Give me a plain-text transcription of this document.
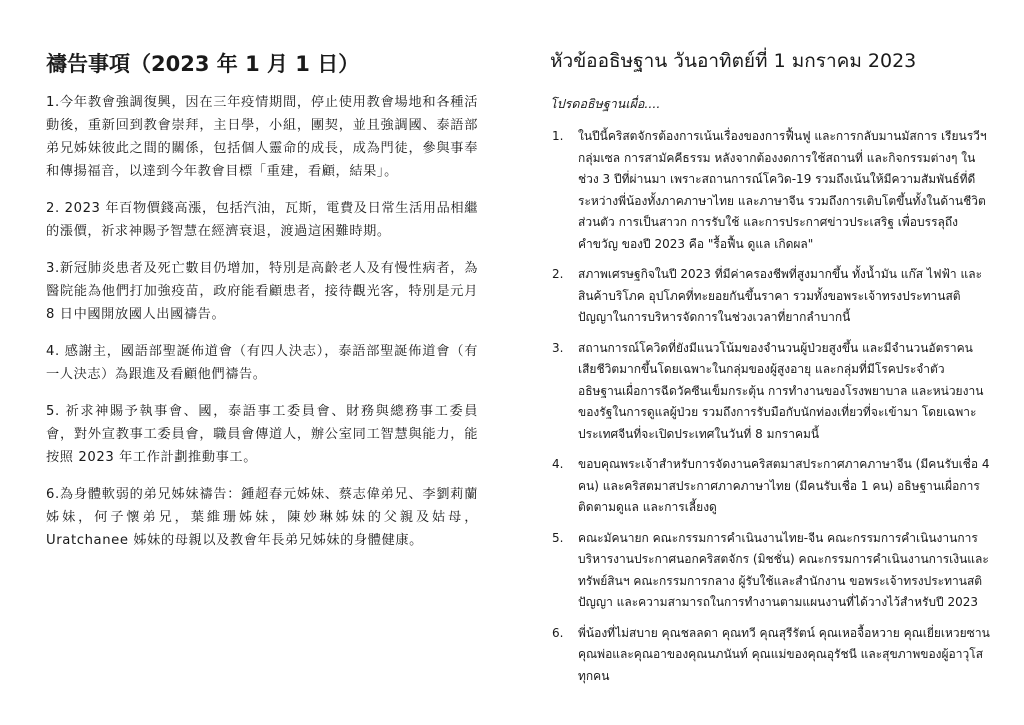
禱告事項（2023 年 1 月 1 日）

1.今年教會強調復興，因在三年疫情期間，停止使用教會場地和各種活動後，重新回到教會崇拜，主日學，小組，團契，並且強調國、泰語部弟兄姊妹彼此之間的關係，包括個人靈命的成長，成為門徒，參與事奉和傳揚福音，以達到今年教會目標「重建，看顧，結果」。

2. 2023 年百物價錢高漲，包括汽油，瓦斯，電費及日常生活用品相繼的漲價，祈求神賜予智慧在經濟衰退，渡過這困難時期。

3.新冠肺炎患者及死亡數目仍增加，特別是高齡老人及有慢性病者，為醫院能為他們打加強疫苗，政府能看顧患者，接待觀光客，特別是元月 8 日中國開放國人出國禱告。

4. 感謝主，國語部聖誕佈道會（有四人決志），泰語部聖誕佈道會（有一人決志）為跟進及看顧他們禱告。

5. 祈求神賜予執事會、國，泰語事工委員會、財務與總務事工委員會，對外宣教事工委員會，職員會傳道人，辦公室同工智慧與能力，能按照 2023 年工作計劃推動事工。

6.為身體軟弱的弟兄姊妹禱告：鍾超春元姊妹、蔡志偉弟兄、李劉莉蘭姊妹，何子懷弟兄，葉維珊姊妹，陳妙琳姊妹的父親及姑母，Uratchanee 姊妹的母親以及教會年長弟兄姊妹的身體健康。

หัวข้ออธิษฐาน วันอาทิตย์ที่ 1 มกราคม 2023
โปรดอธิษฐานเผื่อ....
1. ในปีนี้คริสตจักรต้องการเน้นเรื่องของการฟื้นฟู และการกลับมานมัสการ เรียนรวีฯ กลุ่มเซล การสามัคคีธรรม หลังจากต้องงดการใช้สถานที่ และกิจกรรมต่างๆ ในช่วง 3 ปีที่ผ่านมา เพราะสถานการณ์โควิด-19 รวมถึงเน้นให้มีความสัมพันธ์ที่ดีระหว่างพี่น้องทั้งภาคภาษาไทย และภาษาจีน รวมถึงการเติบโตขึ้นทั้งในด้านชีวิตส่วนตัว การเป็นสาวก การรับใช้ และการประกาศข่าวประเสริฐ เพื่อบรรลุถึงคำขวัญ ของปี 2023 คือ "รื้อฟื้น ดูแล เกิดผล"
2. สภาพเศรษฐกิจในปี 2023 ที่มีค่าครองชีพที่สูงมากขึ้น ทั้งน้ำมัน แก๊ส ไฟฟ้า และสินค้าบริโภค อุปโภคที่ทะยอยกันขึ้นราคา รวมทั้งขอพระเจ้าทรงประทานสติปัญญาในการบริหารจัดการในช่วงเวลาที่ยากลำบากนี้
3. สถานการณ์โควิดที่ยังมีแนวโน้มของจำนวนผู้ป่วยสูงขึ้น และมีจำนวนอัตราคนเสียชีวิตมากขึ้นโดยเฉพาะในกลุ่มของผู้สูงอายุ และกลุ่มที่มีโรคประจำตัว อธิษฐานเผื่อการฉีดวัคซีนเข็มกระตุ้น การทำงานของโรงพยาบาล และหน่วยงานของรัฐในการดูแลผู้ป่วย รวมถึงการรับมือกับนักท่องเที่ยวที่จะเข้ามา โดยเฉพาะประเทศจีนที่จะเปิดประเทศในวันที่ 8 มกราคมนี้
4. ขอบคุณพระเจ้าสำหรับการจัดงานคริสตมาสประกาศภาคภาษาจีน (มีคนรับเชื่อ 4 คน) และคริสตมาสประกาศภาคภาษาไทย (มีคนรับเชื่อ 1 คน) อธิษฐานเผื่อการติดตามดูแล และการเลี้ยงดู
5. คณะมัคนายก คณะกรรมการคำเนินงานไทย-จีน คณะกรรมการคำเนินงานการบริหารงานประกาศนอกคริสตจักร (มิชชั่น) คณะกรรมการคำเนินงานการเงินและทรัพย์สินฯ คณะกรรมการกลาง ผู้รับใช้และสำนักงาน ขอพระเจ้าทรงประทานสติปัญญา และความสามารถในการทำงานตามแผนงานที่ได้วางไว้สำหรับปี 2023
6. พี่น้องที่ไม่สบาย คุณชลลดา คุณทวี คุณสุรีรัตน์ คุณเหอจื้อหวาย คุณเยี่ยเหวยซาน คุณพ่อและคุณอาของคุณนภนันท์ คุณแม่ของคุณอุรัชนี และสุขภาพของผู้อาวุโสทุกคน
